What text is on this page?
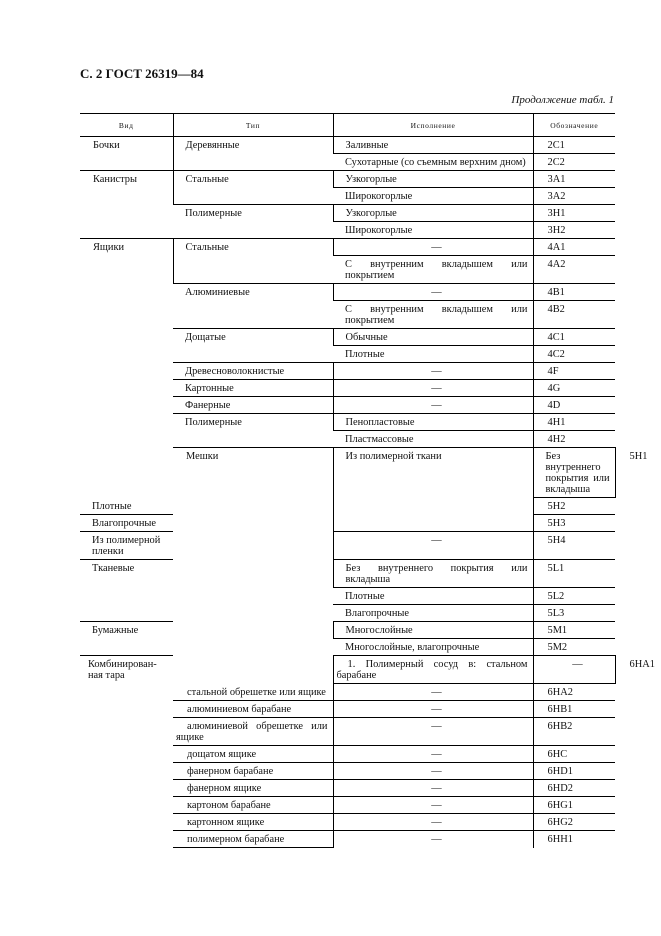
С. 2 ГОСТ 26319—84
Продолжение табл. 1
Вид	Тип	Исполнение	Обозначение	
Бочки	Деревянные	Заливные	2С1	
		Сухотарные (со съемным верхним дном)	2С2	
Канистры	Стальные	Узкогорлые	3А1	
		Широкогорлые	3А2	
	Полимерные	Узкогорлые	3Н1	
		Широкогорлые	3Н2	
Ящики	Стальные	—	4А1	
		С внутренним вкладышем или покрытием	4А2	
	Алюминиевые	—	4В1	
		С внутренним вкладышем или покрытием	4В2	
	Дощатые	Обычные	4С1	
		Плотные	4С2	
	Древесноволокнистые	—	4F	
	Картонные	—	4G	
	Фанерные	—	4D	
	Полимерные	Пенопластовые	4Н1	
		Пластмассовые	4Н2	
	Мешки	Из полимерной ткани	Без внутреннего покрытия или вкладыша	5Н1
Плотные			5Н2	
Влагопрочные			5Н3	
Из полимерной пленки		—	5Н4	
Тканевые		Без внутреннего покрытия или вкладыша	5L1	
		Плотные	5L2	
		Влагопрочные	5L3	
Бумажные		Многослойные	5М1	
		Многослойные, влагопрочные	5М2	
Комбинирован-ная тара		1. Полимерный сосуд в: стальном барабане	—	6НА1
	стальной обрешетке или ящике	—	6НА2	
	алюминиевом барабане	—	6НВ1	
	алюминиевой обрешетке или ящике	—	6НВ2	
	дощатом ящике	—	6НС	
	фанерном барабане	—	6НD1	
	фанерном ящике	—	6НD2	
	картоном барабане	—	6НG1	
	картонном ящике	—	6НG2	
	полимерном барабане	—	6НН1	
